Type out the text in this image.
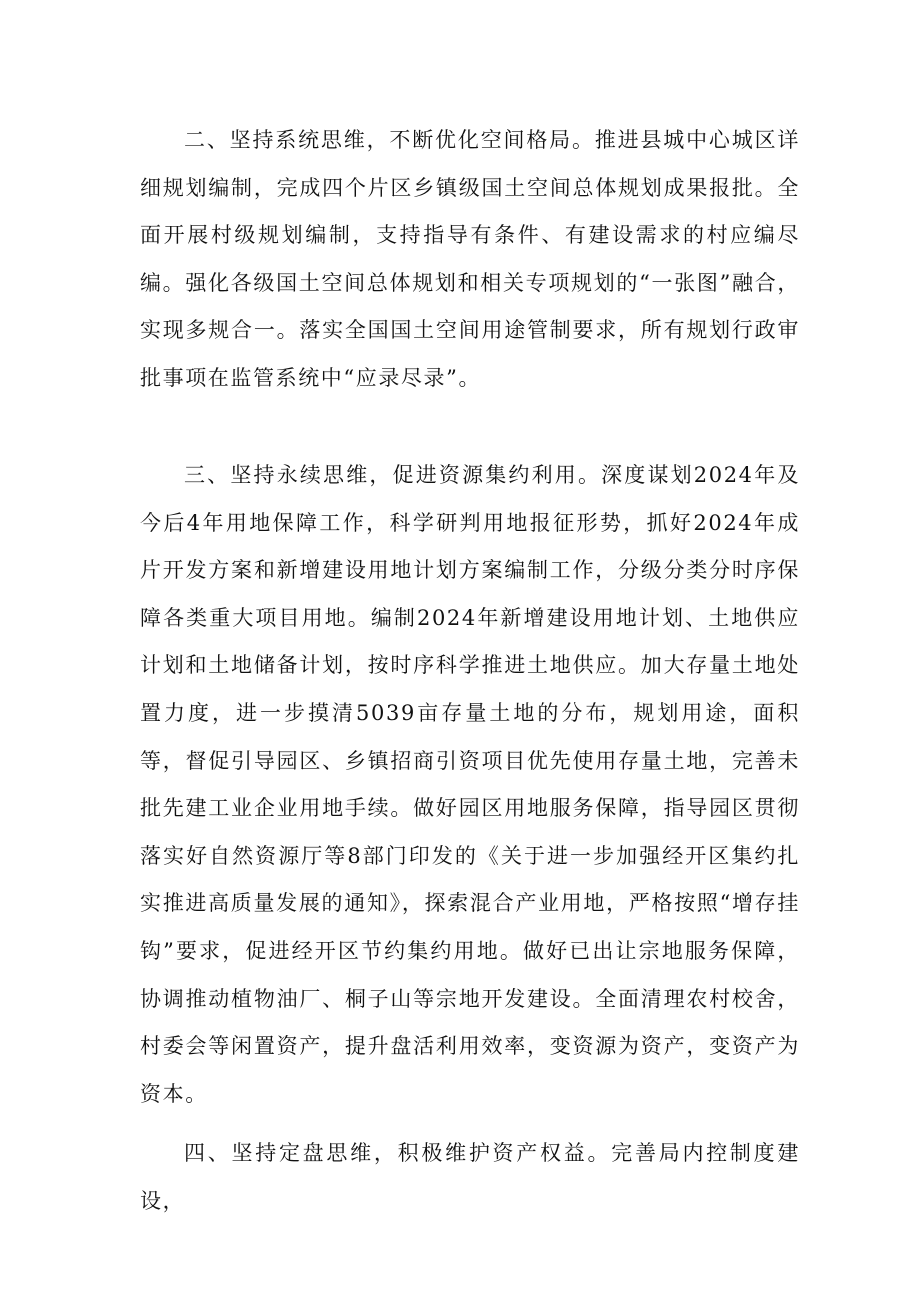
二、坚持系统思维，不断优化空间格局。推进县城中心城区详细规划编制，完成四个片区乡镇级国土空间总体规划成果报批。全面开展村级规划编制，支持指导有条件、有建设需求的村应编尽编。强化各级国土空间总体规划和相关专项规划的“一张图”融合，实现多规合一。落实全国国土空间用途管制要求，所有规划行政审批事项在监管系统中“应录尽录”。

三、坚持永续思维，促进资源集约利用。深度谋划2024年及今后4年用地保障工作，科学研判用地报征形势，抓好2024年成片开发方案和新增建设用地计划方案编制工作，分级分类分时序保障各类重大项目用地。编制2024年新增建设用地计划、土地供应计划和土地储备计划，按时序科学推进土地供应。加大存量土地处置力度，进一步摸清5039亩存量土地的分布，规划用途，面积等，督促引导园区、乡镇招商引资项目优先使用存量土地，完善未批先建工业企业用地手续。做好园区用地服务保障，指导园区贯彻落实好自然资源厅等8部门印发的《关于进一步加强经开区集约扎实推进高质量发展的通知》，探索混合产业用地，严格按照“增存挂钩”要求，促进经开区节约集约用地。做好已出让宗地服务保障，协调推动植物油厂、桐子山等宗地开发建设。全面清理农村校舍，村委会等闲置资产，提升盘活利用效率，变资源为资产，变资产为资本。

四、坚持定盘思维，积极维护资产权益。完善局内控制度建设，
